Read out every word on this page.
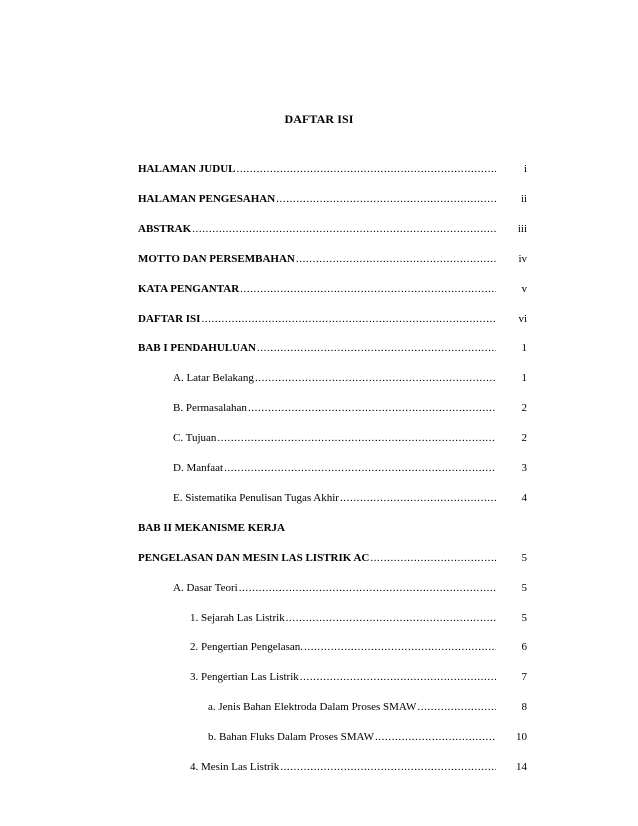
DAFTAR ISI
HALAMAN JUDUL .....	i
HALAMAN PENGESAHAN .....	ii
ABSTRAK .....	iii
MOTTO DAN PERSEMBAHAN .....	iv
KATA PENGANTAR .....	v
DAFTAR ISI .....	vi
BAB I PENDAHULUAN .....	1
A. Latar Belakang .....	1
B. Permasalahan .....	2
C. Tujuan .....	2
D. Manfaat .....	3
E. Sistematika Penulisan Tugas Akhir .....	4
BAB II MEKANISME KERJA
PENGELASAN DAN MESIN LAS LISTRIK AC .....	5
A. Dasar Teori .....	5
1. Sejarah Las Listrik .....	5
2. Pengertian Pengelasan. .....	6
3. Pengertian Las Listrik .....	7
a. Jenis Bahan Elektroda Dalam Proses SMAW .....	8
b. Bahan Fluks Dalam Proses SMAW .....	10
4. Mesin Las Listrik .....	14
